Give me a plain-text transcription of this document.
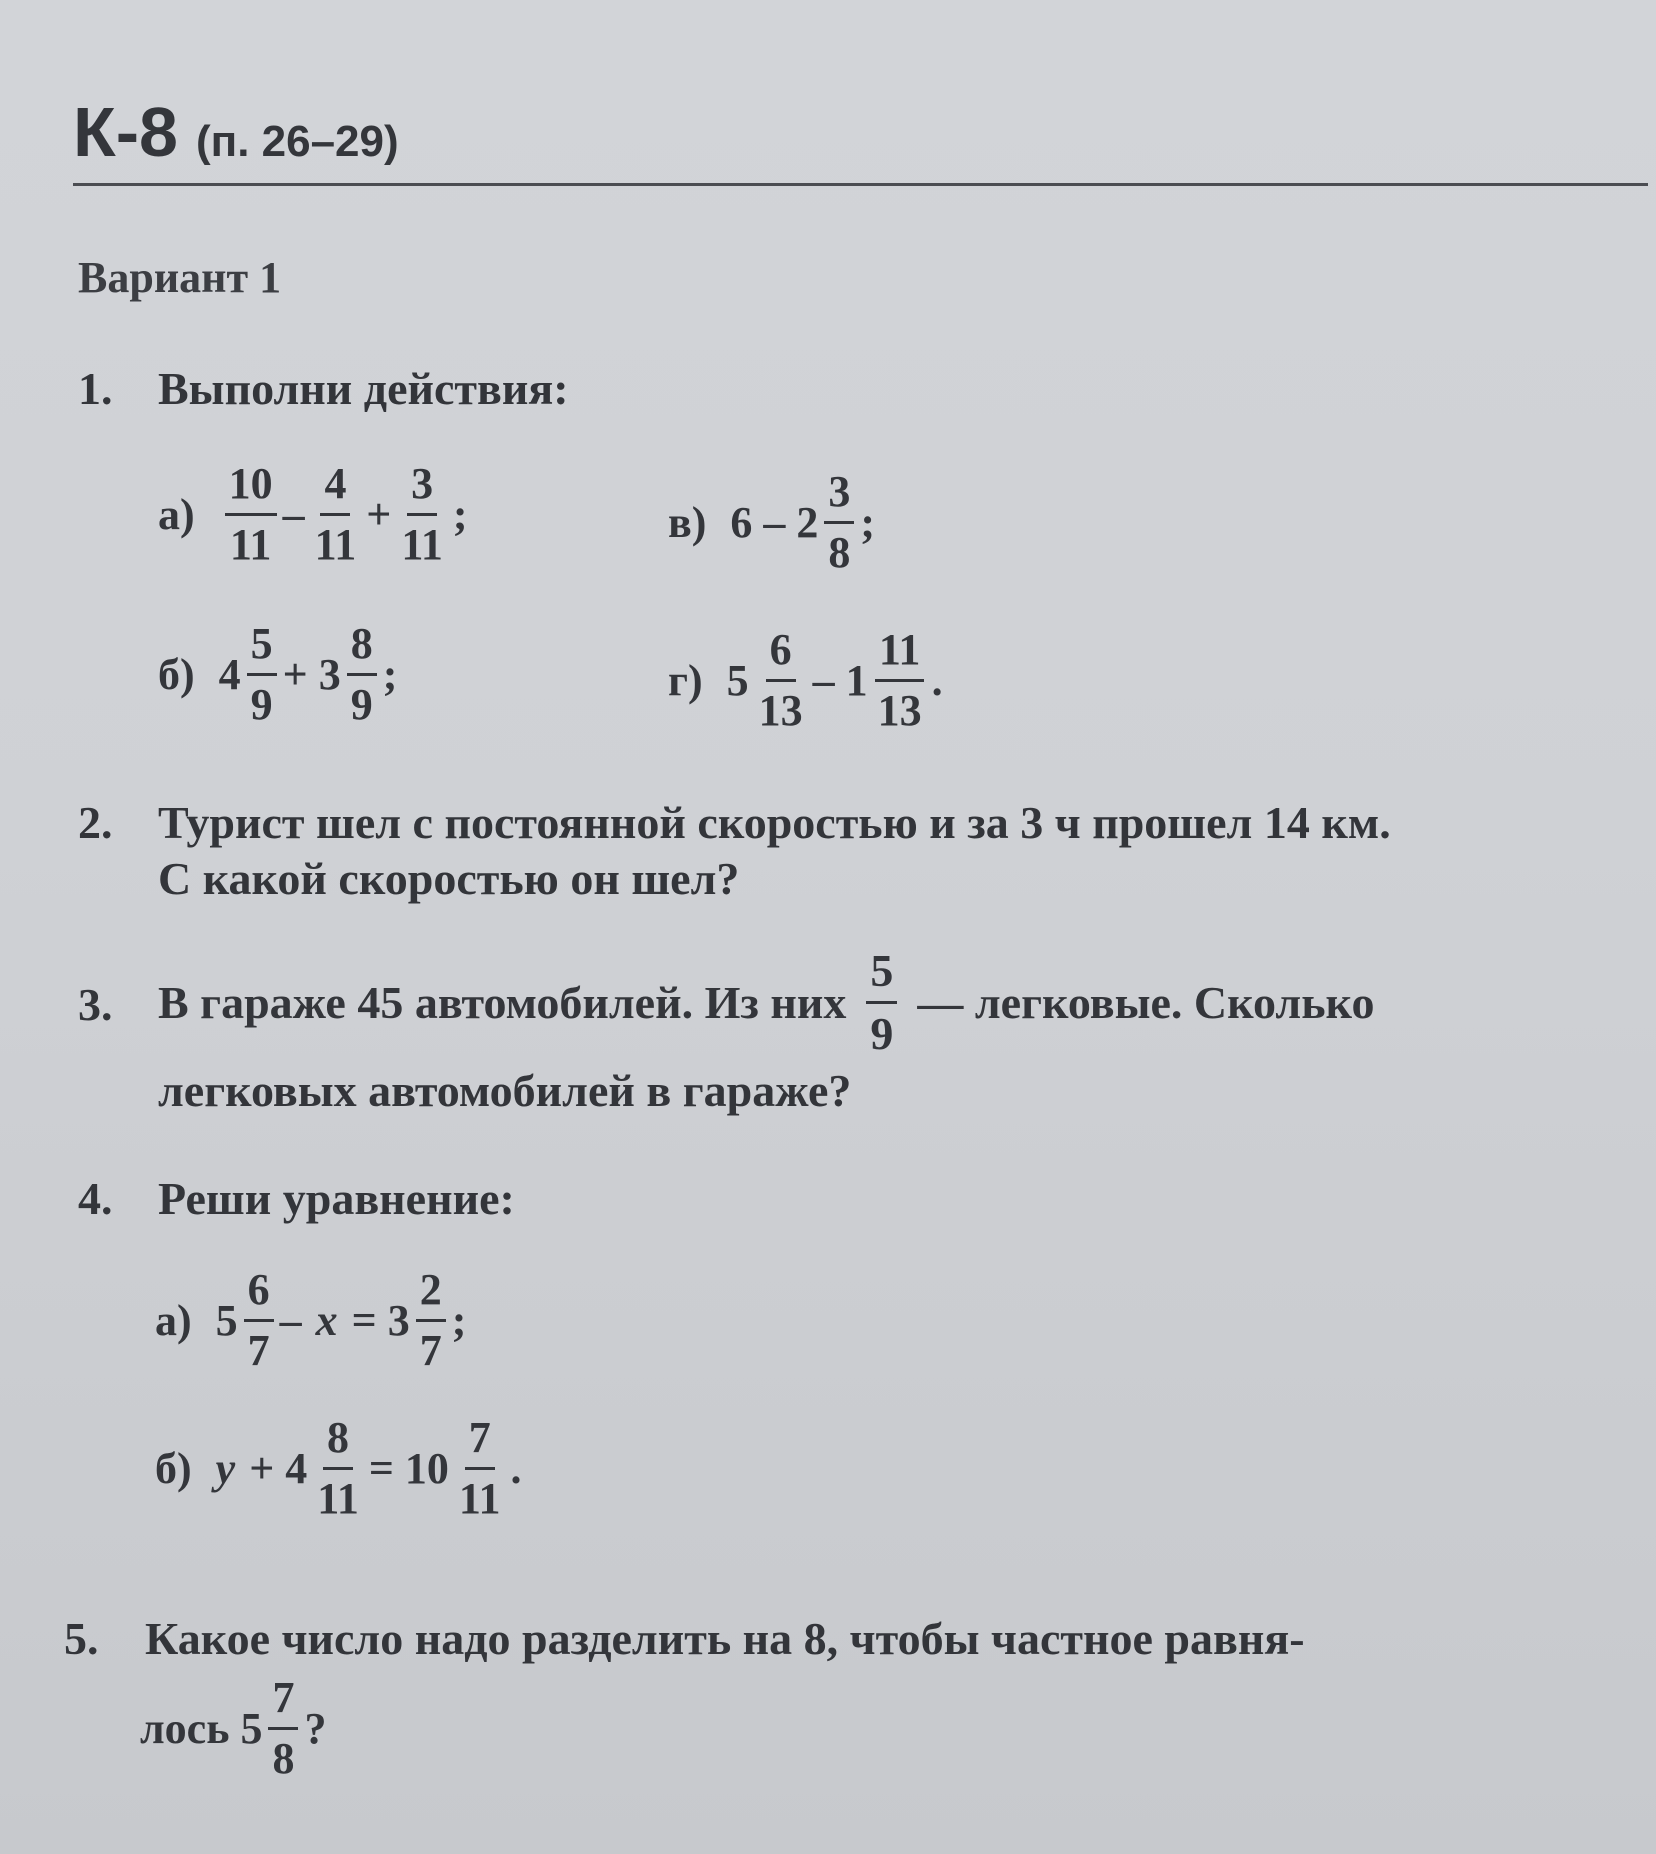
К-8 (п. 26–29)
Вариант 1
1. Выполни действия:
$а) \frac{10}{11} - \frac{4}{11} + \frac{3}{11}$ ;	в) $6 - 2 \frac{3}{8}$ ;
б) $4 \frac{5}{9} + 3 \frac{8}{9}$ ;	г) $5 \frac{6}{13} - 1 \frac{11}{13}$ .
2. Турист шел с постоянной скоростью и за 3 ч прошел 14 км.
С какой скоростью он шел?
3. В гараже 45 автомобилей. Из них $\frac{5}{9}$ — легковые. Сколько
легковых автомобилей в гараже?
4. Реши уравнение:
а) $5 \frac{6}{7} - x = 3 \frac{2}{7}$ ;
б) $y + 4 \frac{8}{11} = 10 \frac{7}{11}$ .
5. Какое число надо разделить на 8, чтобы частное равня-
лось $5 \frac{7}{8}$ ?
